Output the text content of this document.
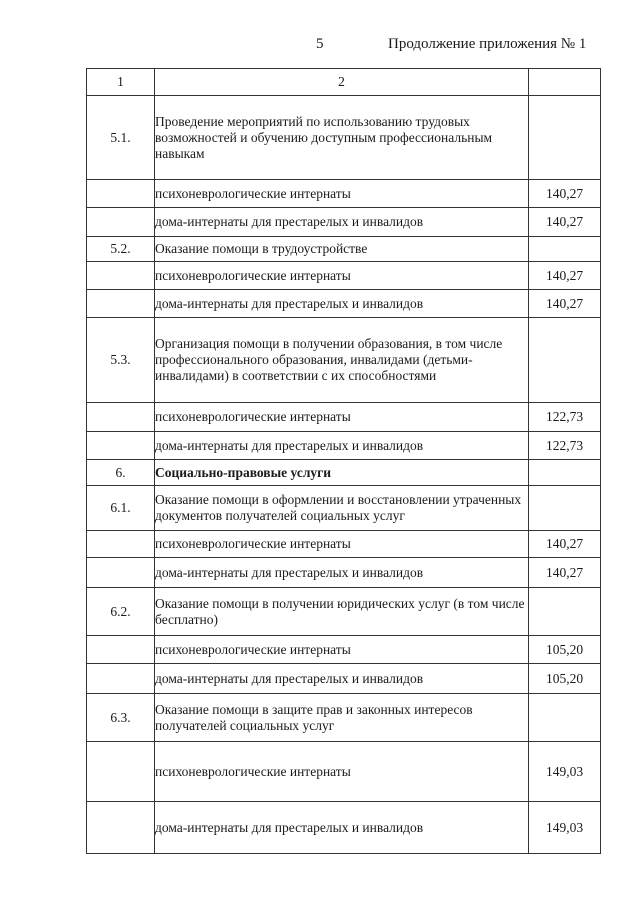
5	Продолжение приложения № 1
1	2	
5.1.	Проведение мероприятий по использованию трудовых возможностей и обучению доступным профессиональным навыкам	
	психоневрологические интернаты	140,27
	дома-интернаты для престарелых и инвалидов	140,27
5.2.	Оказание помощи в трудоустройстве	
	психоневрологические интернаты	140,27
	дома-интернаты для престарелых и инвалидов	140,27
5.3.	Организация помощи в получении образования, в том числе профессионального образования, инвалидами (детьми-инвалидами) в соответствии с их способностями	
	психоневрологические интернаты	122,73
	дома-интернаты для престарелых и инвалидов	122,73
6.	Социально-правовые услуги	
6.1.	Оказание помощи в оформлении и восстановлении утраченных документов получателей социальных услуг	
	психоневрологические интернаты	140,27
	дома-интернаты для престарелых и инвалидов	140,27
6.2.	Оказание помощи в получении юридических услуг (в том числе бесплатно)	
	психоневрологические интернаты	105,20
	дома-интернаты для престарелых и инвалидов	105,20
6.3.	Оказание помощи в защите прав и законных интересов получателей социальных услуг	
	психоневрологические интернаты	149,03
	дома-интернаты для престарелых и инвалидов	149,03
